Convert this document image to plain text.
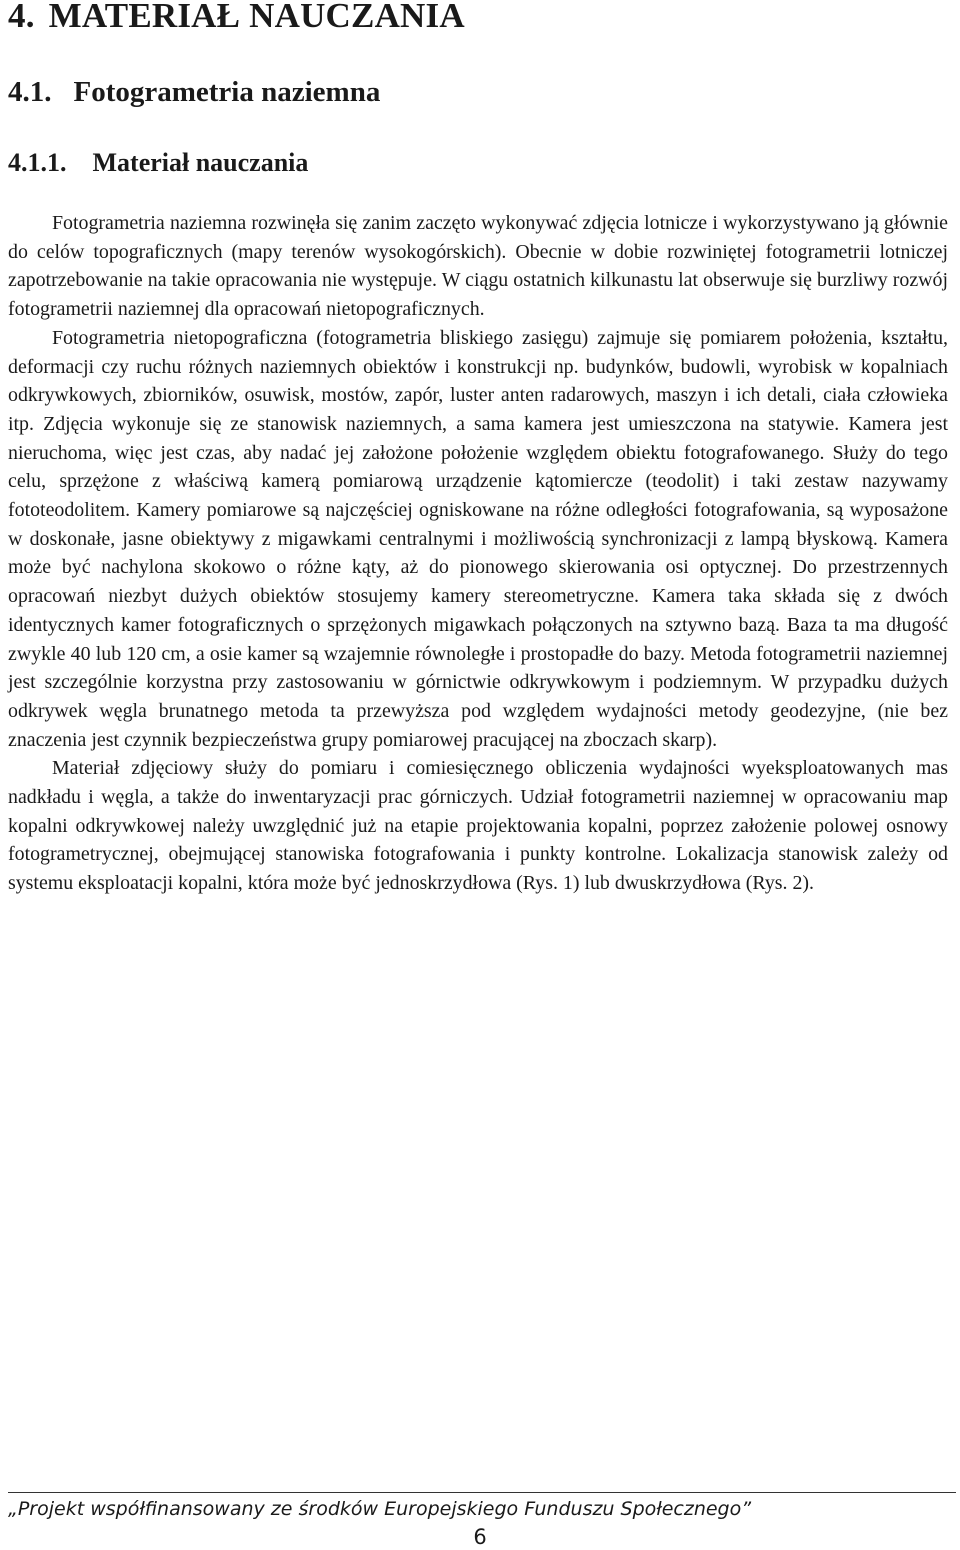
4. MATERIAŁ NAUCZANIA
4.1. Fotogrametria naziemna
4.1.1. Materiał nauczania

Fotogrametria naziemna rozwinęła się zanim zaczęto wykonywać zdjęcia lotnicze i wykorzystywano ją głównie do celów topograficznych (mapy terenów wysokogórskich). Obecnie w dobie rozwiniętej fotogrametrii lotniczej zapotrzebowanie na takie opracowania nie występuje. W ciągu ostatnich kilkunastu lat obserwuje się burzliwy rozwój fotogrametrii naziemnej dla opracowań nietopograficznych.

Fotogrametria nietopograficzna (fotogrametria bliskiego zasięgu) zajmuje się pomiarem położenia, kształtu, deformacji czy ruchu różnych naziemnych obiektów i konstrukcji np. budynków, budowli, wyrobisk w kopalniach odkrywkowych, zbiorników, osuwisk, mostów, zapór, luster anten radarowych, maszyn i ich detali, ciała człowieka itp. Zdjęcia wykonuje się ze stanowisk naziemnych, a sama kamera jest umieszczona na statywie. Kamera jest nieruchoma, więc jest czas, aby nadać jej założone położenie względem obiektu fotografowanego. Służy do tego celu, sprzężone z właściwą kamerą pomiarową urządzenie kątomiercze (teodolit) i taki zestaw nazywamy fototeodolitem. Kamery pomiarowe są najczęściej ogniskowane na różne odległości fotografowania, są wyposażone w doskonałe, jasne obiektywy z migawkami centralnymi i możliwością synchronizacji z lampą błyskową. Kamera może być nachylona skokowo o różne kąty, aż do pionowego skierowania osi optycznej. Do przestrzennych opracowań niezbyt dużych obiektów stosujemy kamery stereometryczne. Kamera taka składa się z dwóch identycznych kamer fotograficznych o sprzężonych migawkach połączonych na sztywno bazą. Baza ta ma długość zwykle 40 lub 120 cm, a osie kamer są wzajemnie równoległe i prostopadłe do bazy. Metoda fotogrametrii naziemnej jest szczególnie korzystna przy zastosowaniu w górnictwie odkrywkowym i podziemnym. W przypadku dużych odkrywek węgla brunatnego metoda ta przewyższa pod względem wydajności metody geodezyjne, (nie bez znaczenia jest czynnik bezpieczeństwa grupy pomiarowej pracującej na zboczach skarp).

Materiał zdjęciowy służy do pomiaru i comiesięcznego obliczenia wydajności wyeksploatowanych mas nadkładu i węgla, a także do inwentaryzacji prac górniczych. Udział fotogrametrii naziemnej w opracowaniu map kopalni odkrywkowej należy uwzględnić już na etapie projektowania kopalni, poprzez założenie polowej osnowy fotogrametrycznej, obejmującej stanowiska fotografowania i punkty kontrolne. Lokalizacja stanowisk zależy od systemu eksploatacji kopalni, która może być jednoskrzydłowa (Rys. 1) lub dwuskrzydłowa (Rys. 2).

„Projekt współfinansowany ze środków Europejskiego Funduszu Społecznego”
6
